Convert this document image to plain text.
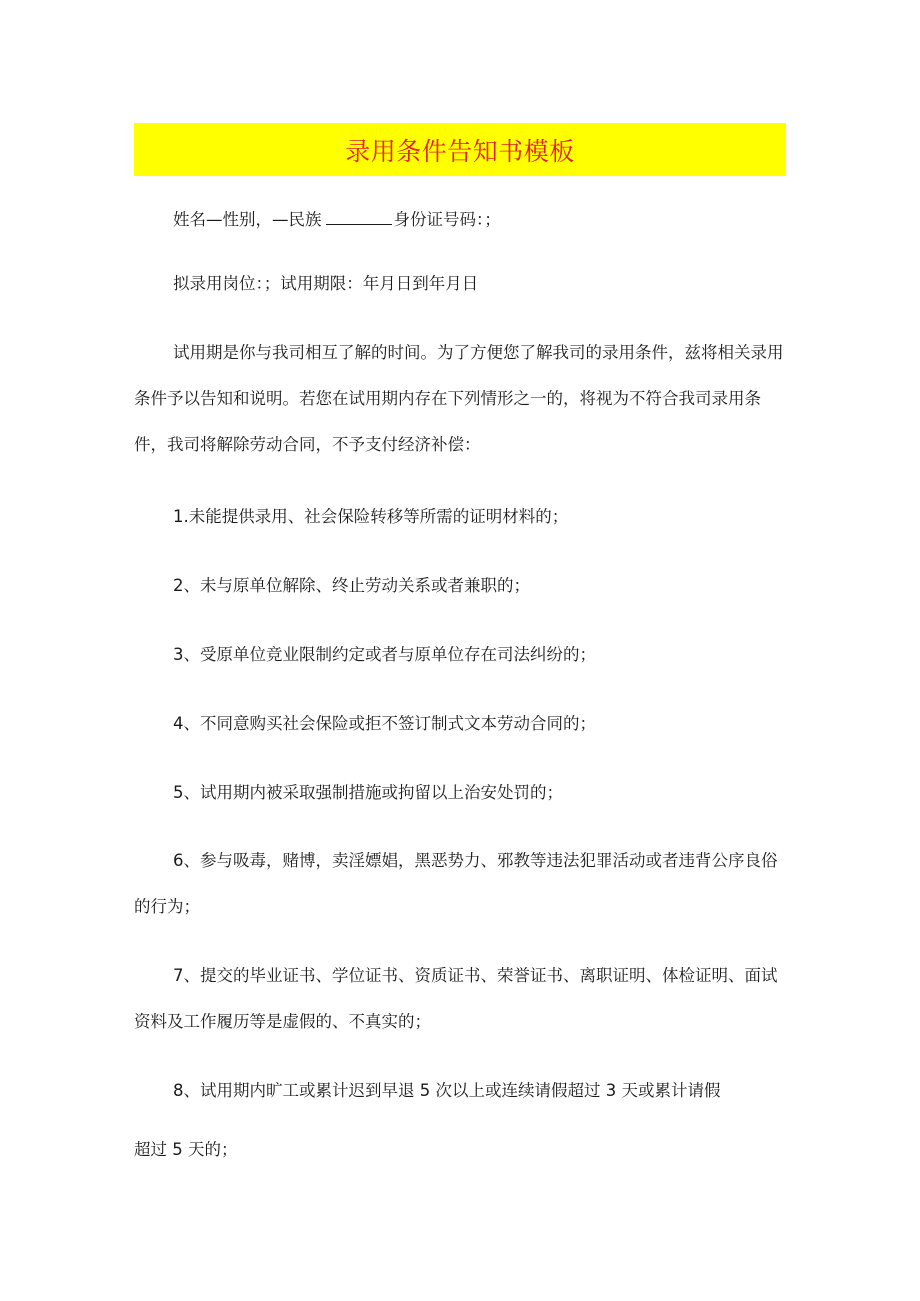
录用条件告知书模板

姓名—性别，—民族	身份证号码：；

拟录用岗位：；试用期限：年月日到年月日

试用期是你与我司相互了解的时间。为了方便您了解我司的录用条件，兹将相关录用条件予以告知和说明。若您在试用期内存在下列情形之一的，将视为不符合我司录用条件，我司将解除劳动合同，不予支付经济补偿：

1.未能提供录用、社会保险转移等所需的证明材料的；

2、未与原单位解除、终止劳动关系或者兼职的；

3、受原单位竞业限制约定或者与原单位存在司法纠纷的；

4、不同意购买社会保险或拒不签订制式文本劳动合同的；

5、试用期内被采取强制措施或拘留以上治安处罚的；

6、参与吸毒，赌博，卖淫嫖娼，黑恶势力、邪教等违法犯罪活动或者违背公序良俗的行为；

7、提交的毕业证书、学位证书、资质证书、荣誉证书、离职证明、体检证明、面试资料及工作履历等是虚假的、不真实的；

8、试用期内旷工或累计迟到早退 5 次以上或连续请假超过 3 天或累计请假

超过 5 天的；
